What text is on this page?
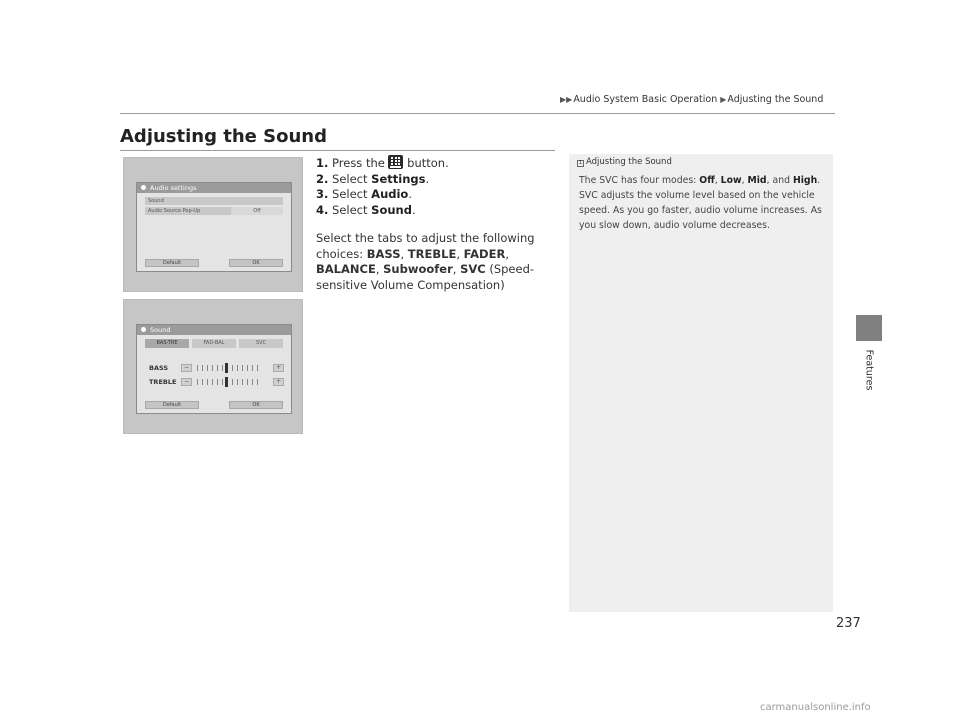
▶▶Audio System Basic Operation ▶Adjusting the Sound
Features
Adjusting the Sound
Audio settings
Sound
Audio Source Pop-Up	Off
Default	OK
Sound
BAS-TRE	FAD-BAL	SVC
BASS	−	+
TREBLE	−	+
Default	OK

1. Press the button.

2. Select Settings.

3. Select Audio.

4. Select Sound.

Select the tabs to adjust the following choices: BASS, TREBLE, FADER, BALANCE, Subwoofer, SVC (Speed-sensitive Volume Compensation)

1 Adjusting the Sound
The SVC has four modes: Off, Low, Mid, and High. SVC adjusts the volume level based on the vehicle speed. As you go faster, audio volume increases. As you slow down, audio volume decreases.
237
carmanualsonline.info
